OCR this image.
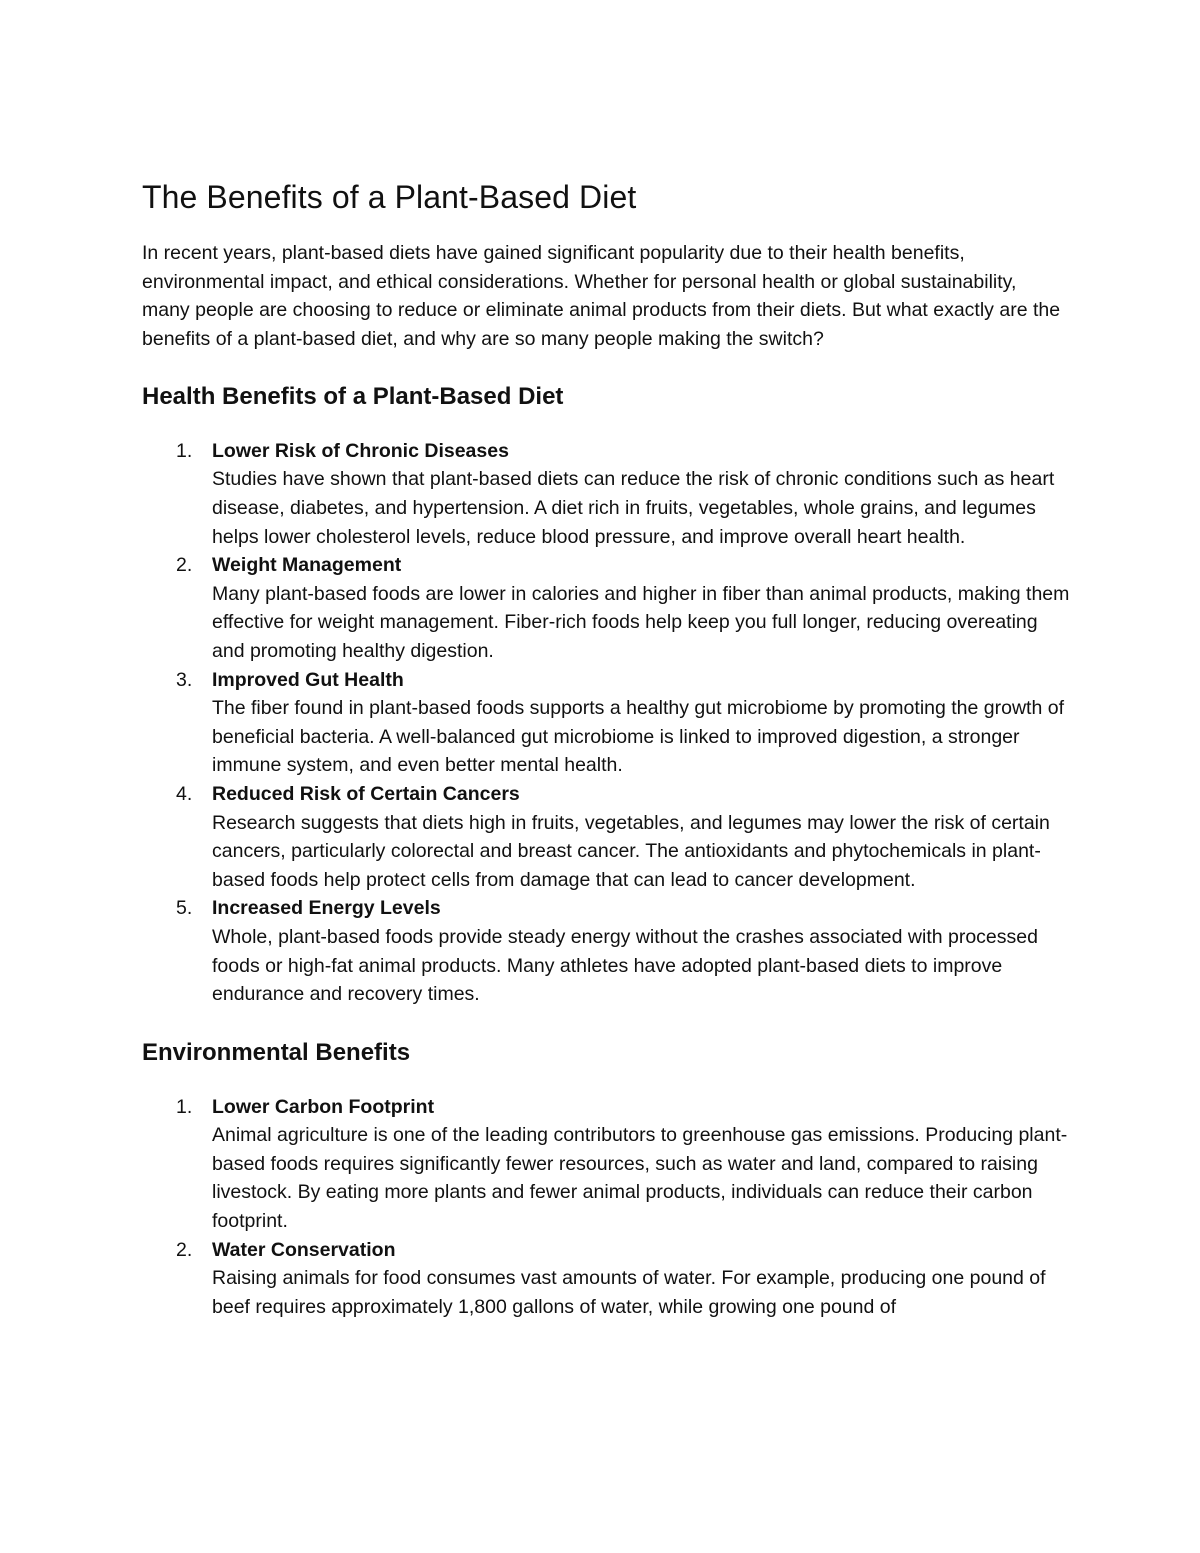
The Benefits of a Plant-Based Diet

In recent years, plant-based diets have gained significant popularity due to their health benefits, environmental impact, and ethical considerations. Whether for personal health or global sustainability, many people are choosing to reduce or eliminate animal products from their diets. But what exactly are the benefits of a plant-based diet, and why are so many people making the switch?

Health Benefits of a Plant-Based Diet
1. Lower Risk of Chronic Diseases
Studies have shown that plant-based diets can reduce the risk of chronic conditions such as heart disease, diabetes, and hypertension. A diet rich in fruits, vegetables, whole grains, and legumes helps lower cholesterol levels, reduce blood pressure, and improve overall heart health.
2. Weight Management
Many plant-based foods are lower in calories and higher in fiber than animal products, making them effective for weight management. Fiber-rich foods help keep you full longer, reducing overeating and promoting healthy digestion.
3. Improved Gut Health
The fiber found in plant-based foods supports a healthy gut microbiome by promoting the growth of beneficial bacteria. A well-balanced gut microbiome is linked to improved digestion, a stronger immune system, and even better mental health.
4. Reduced Risk of Certain Cancers
Research suggests that diets high in fruits, vegetables, and legumes may lower the risk of certain cancers, particularly colorectal and breast cancer. The antioxidants and phytochemicals in plant-based foods help protect cells from damage that can lead to cancer development.
5. Increased Energy Levels
Whole, plant-based foods provide steady energy without the crashes associated with processed foods or high-fat animal products. Many athletes have adopted plant-based diets to improve endurance and recovery times.
Environmental Benefits
1. Lower Carbon Footprint
Animal agriculture is one of the leading contributors to greenhouse gas emissions. Producing plant-based foods requires significantly fewer resources, such as water and land, compared to raising livestock. By eating more plants and fewer animal products, individuals can reduce their carbon footprint.
2. Water Conservation
Raising animals for food consumes vast amounts of water. For example, producing one pound of beef requires approximately 1,800 gallons of water, while growing one pound of
